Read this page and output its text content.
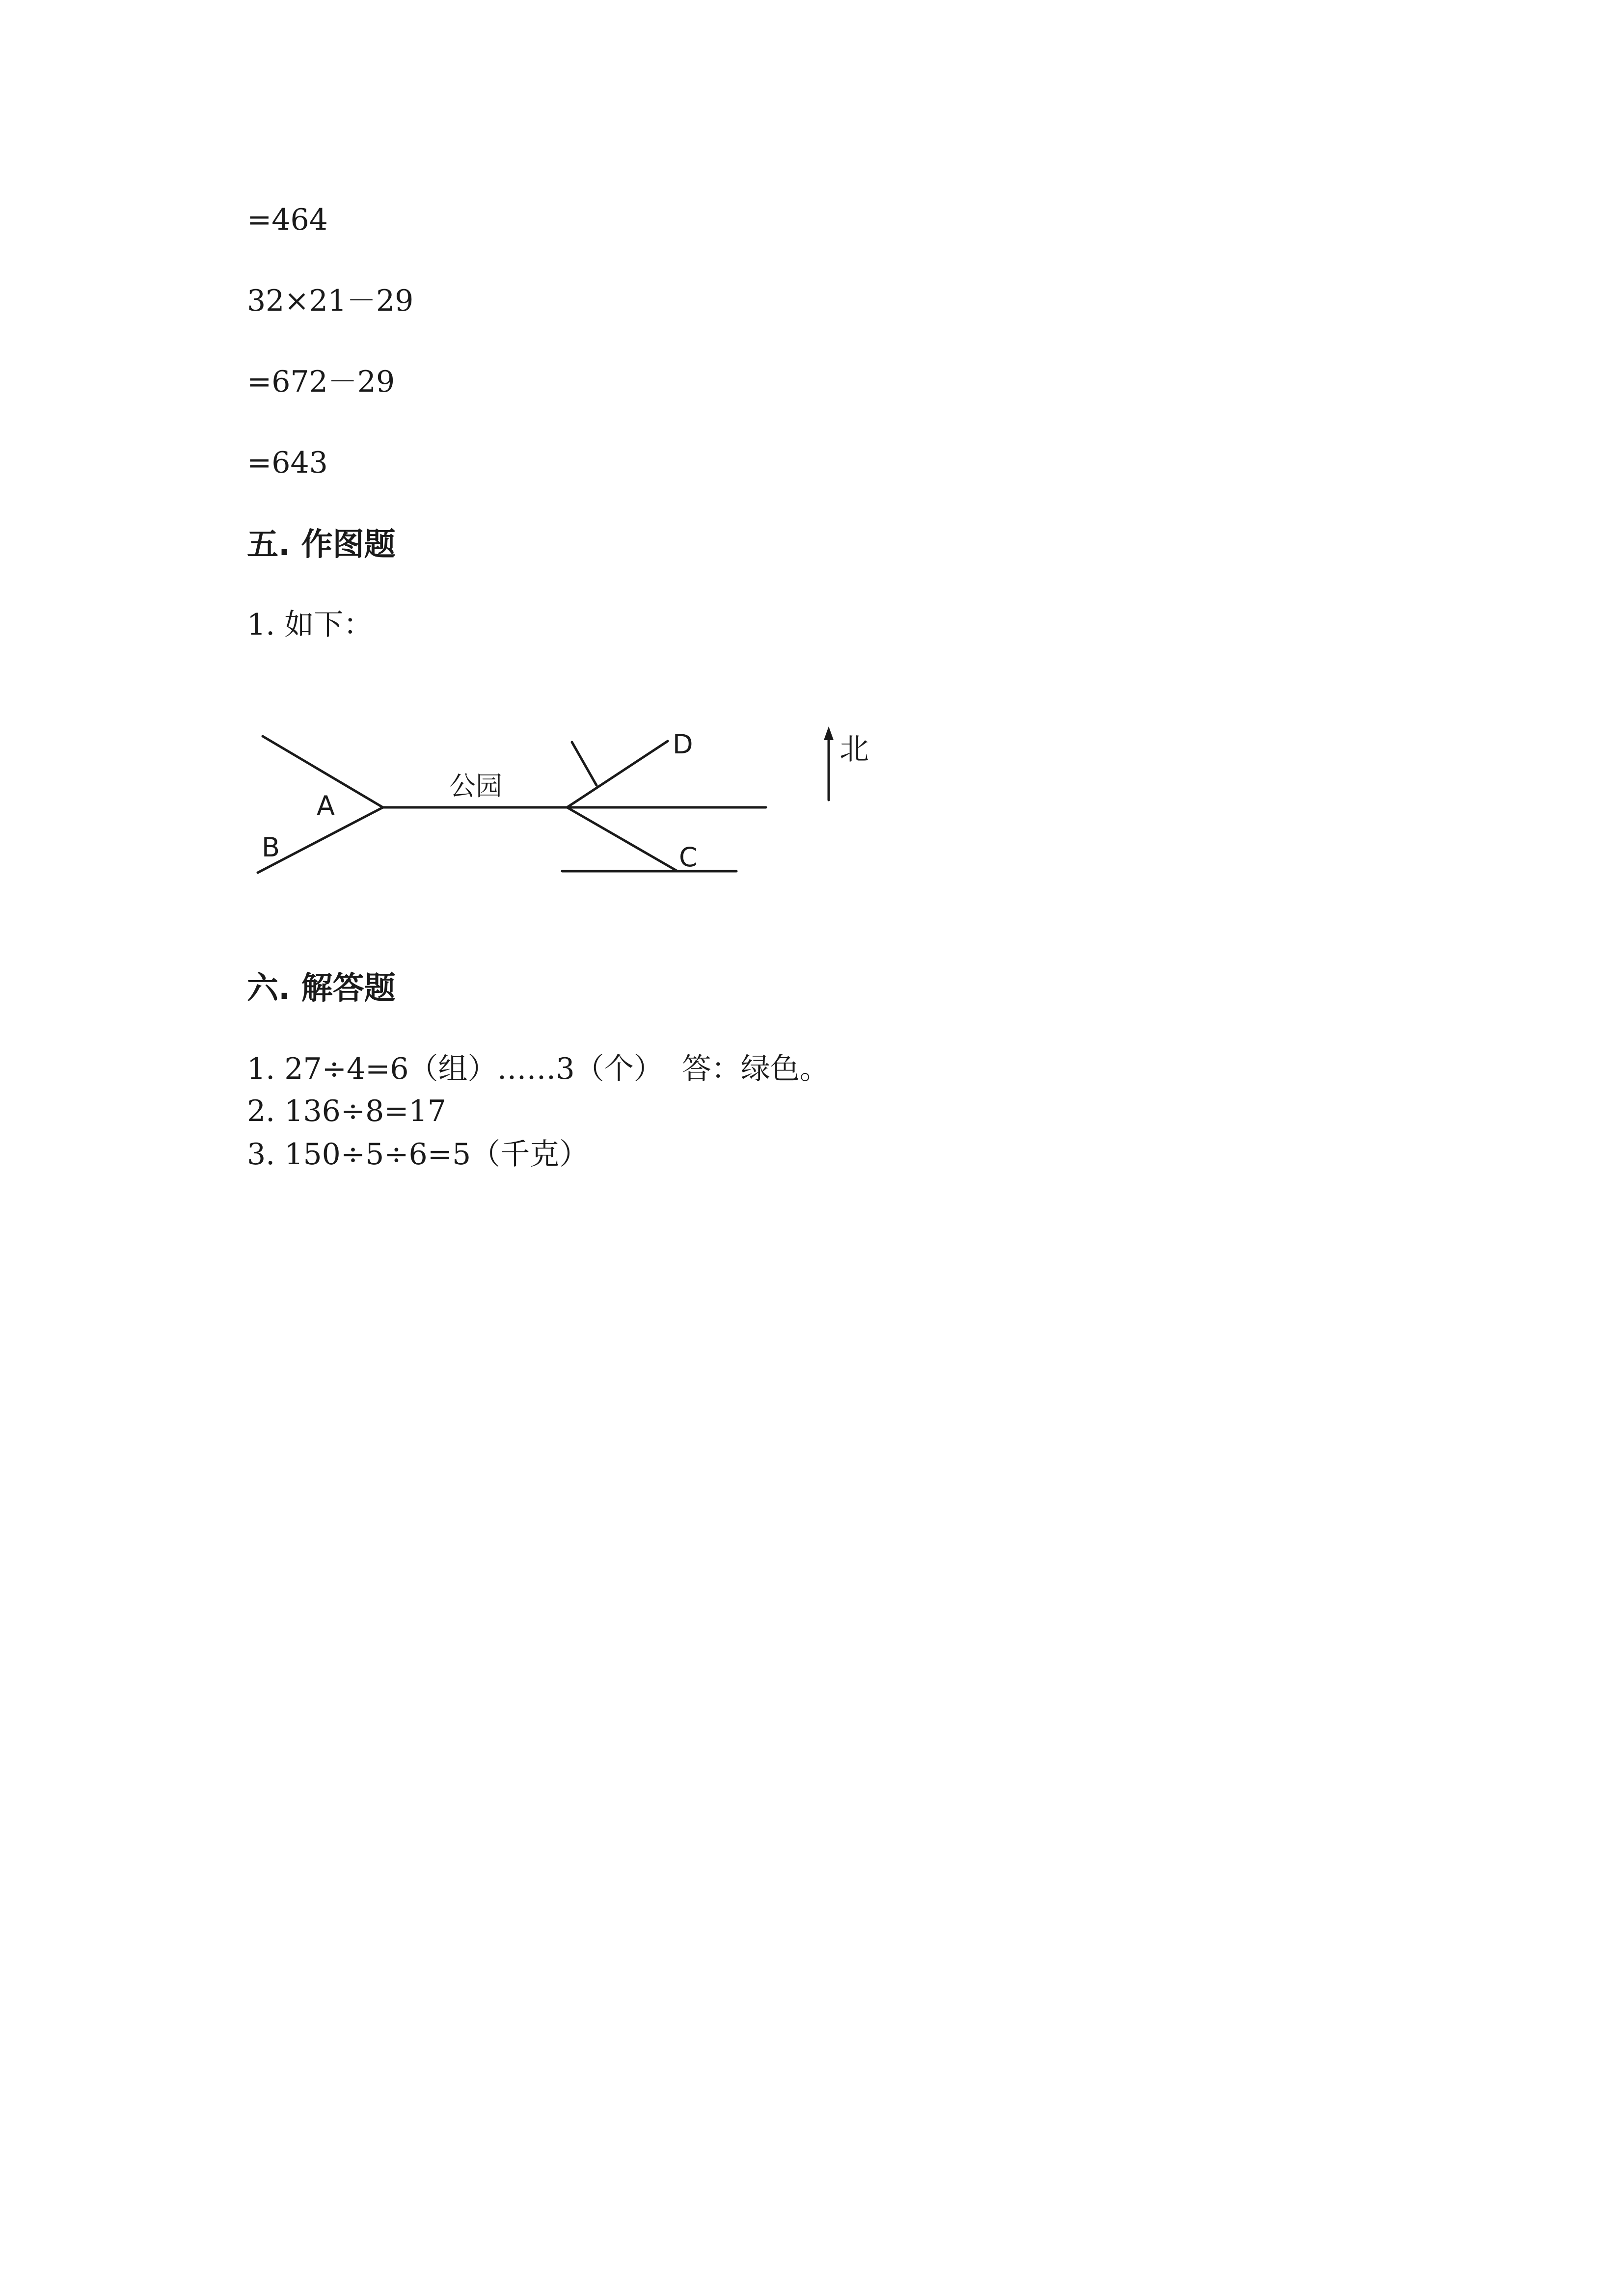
=464
32×21－29
=672－29
=643
五. 作图题
1. 如下：
公园
A
B	C
D	北
六. 解答题
1. 27÷4=6（组）……3（个）  答：绿色。
2. 136÷8=17
3. 150÷5÷6=5（千克）
